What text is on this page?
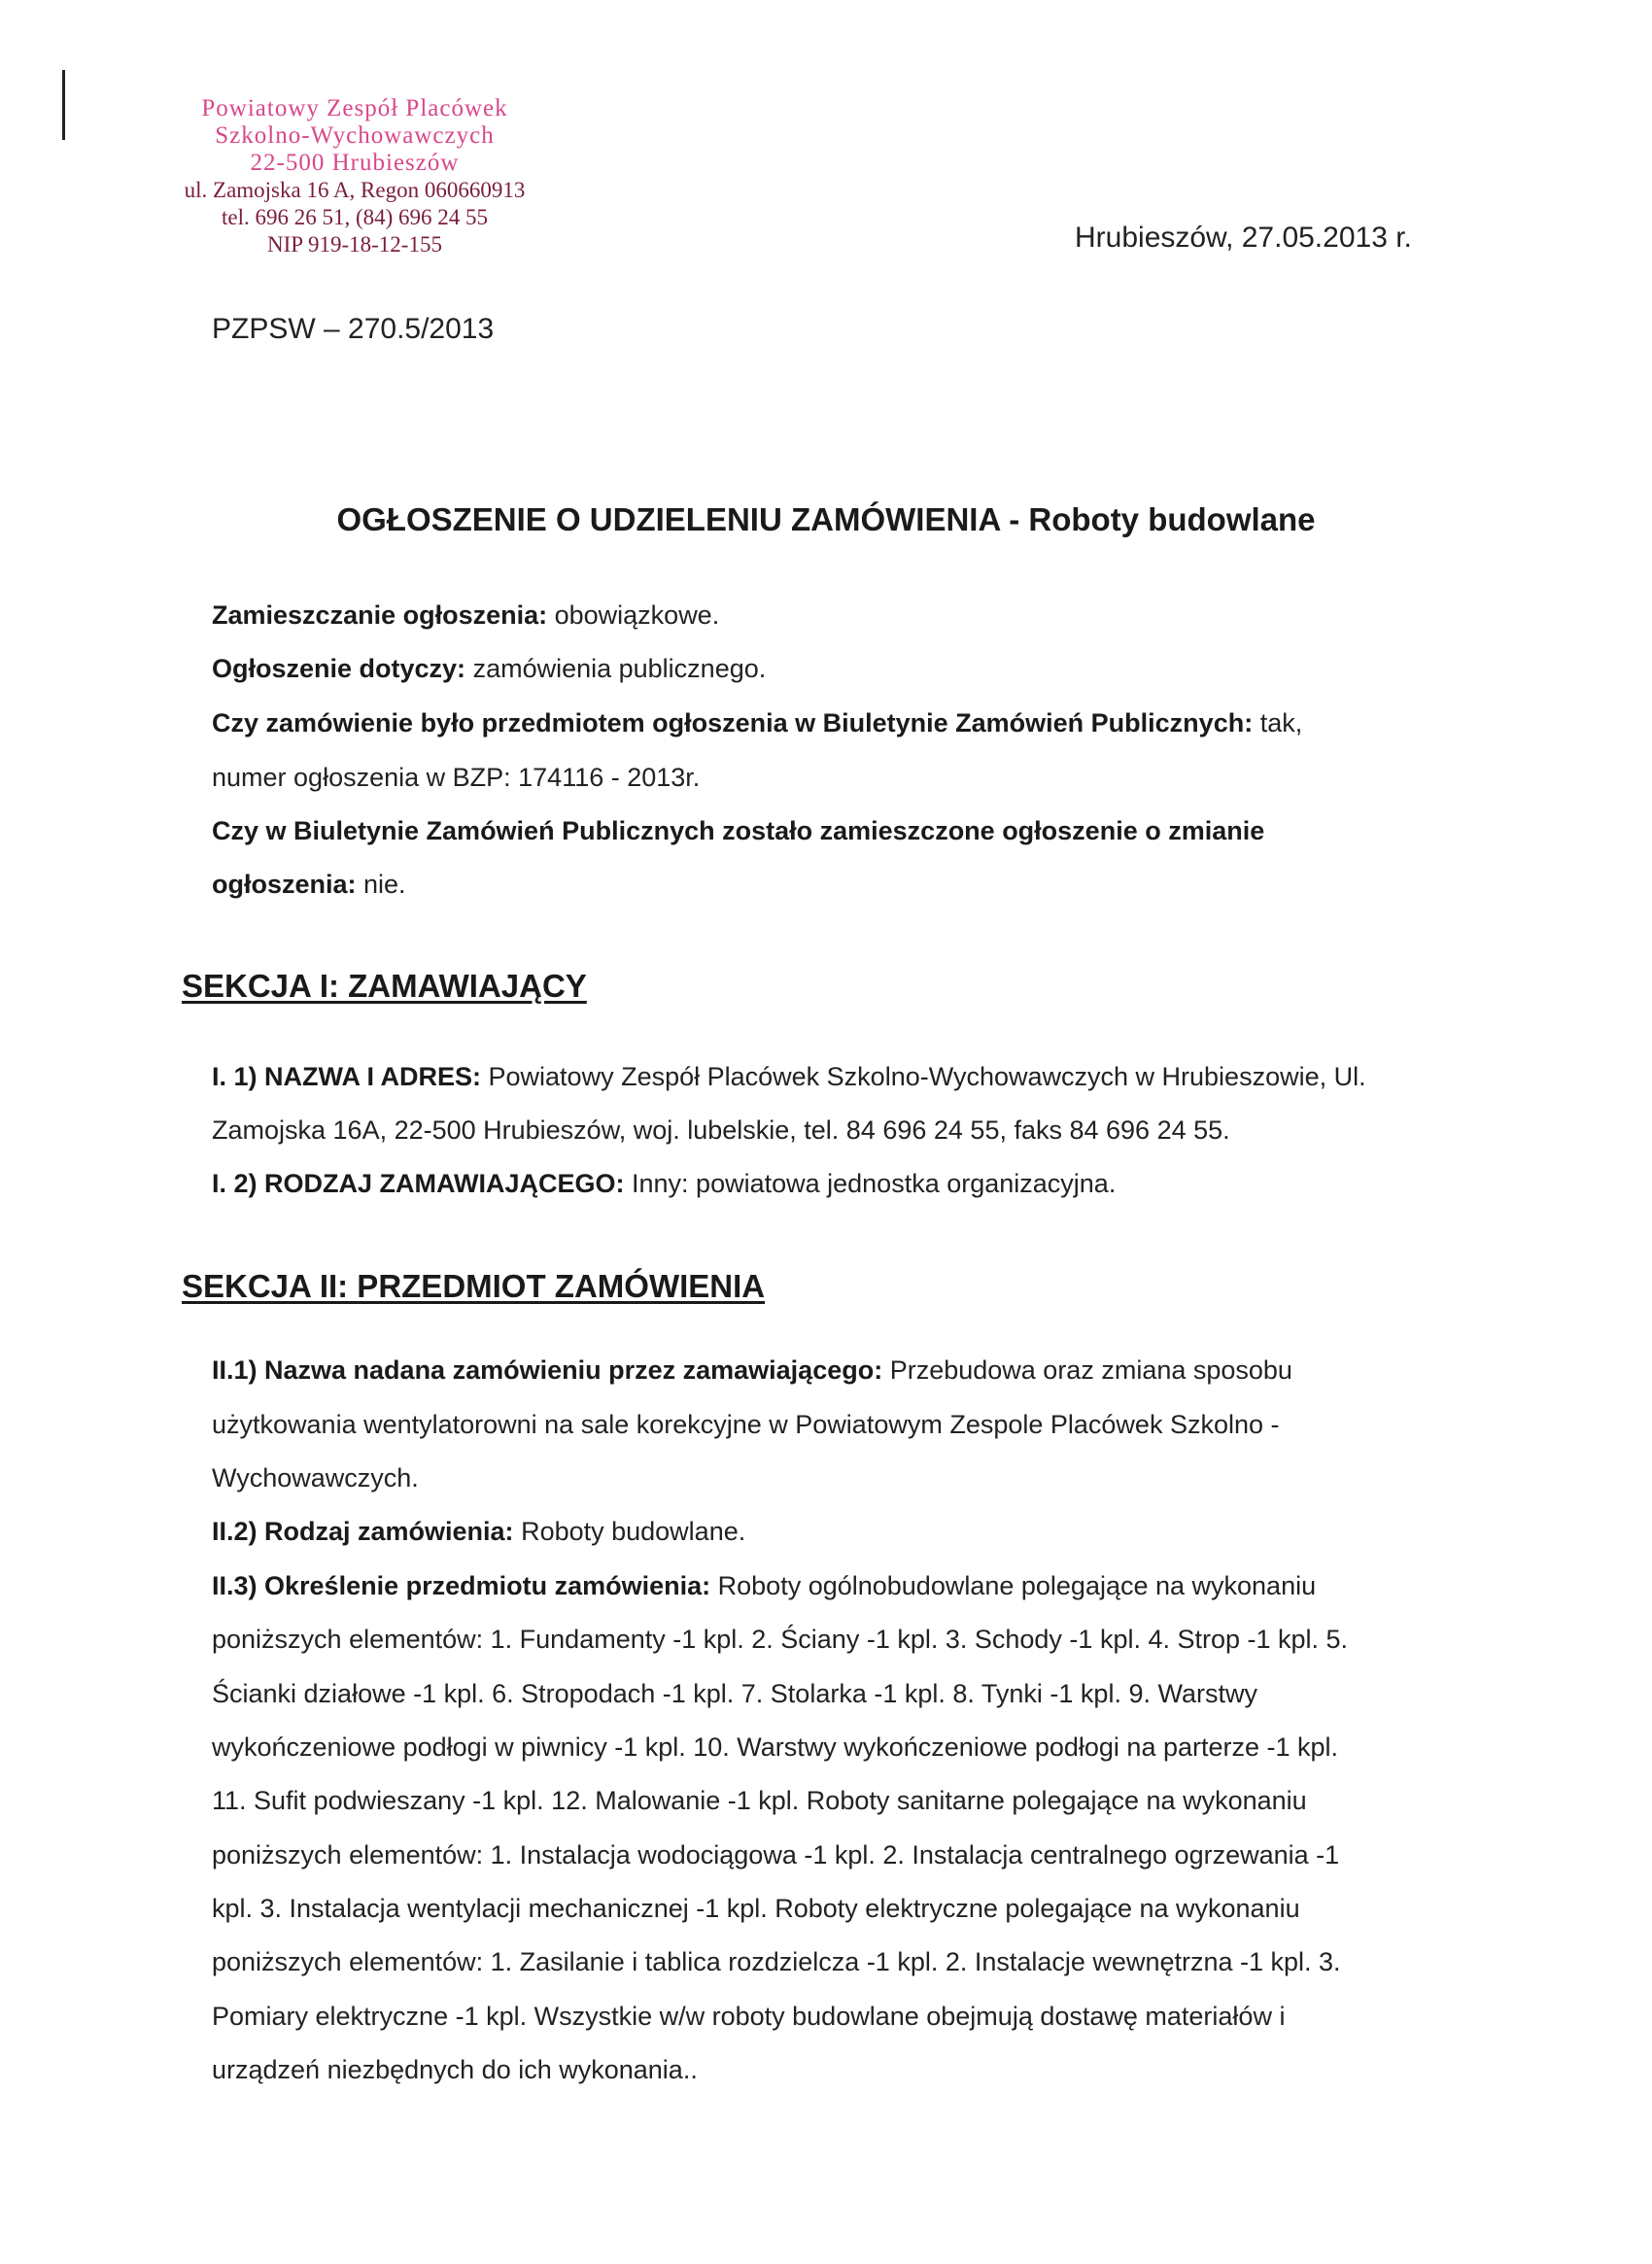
Powiatowy Zespół Placówek
Szkolno-Wychowawczych
22-500 Hrubieszów
ul. Zamojska 16 A, Regon 060660913
tel. 696 26 51, (84) 696 24 55
NIP 919-18-12-155	Hrubieszów, 27.05.2013 r.
PZPSW – 270.5/2013
OGŁOSZENIE O UDZIELENIU ZAMÓWIENIA - Roboty budowlane
Zamieszczanie ogłoszenia: obowiązkowe.
Ogłoszenie dotyczy: zamówienia publicznego.
Czy zamówienie było przedmiotem ogłoszenia w Biuletynie Zamówień Publicznych: tak,
numer ogłoszenia w BZP: 174116 - 2013r.
Czy w Biuletynie Zamówień Publicznych zostało zamieszczone ogłoszenie o zmianie
ogłoszenia: nie.
SEKCJA I: ZAMAWIAJĄCY
I. 1) NAZWA I ADRES: Powiatowy Zespół Placówek Szkolno-Wychowawczych w Hrubieszowie, Ul.
Zamojska 16A, 22-500 Hrubieszów, woj. lubelskie, tel. 84 696 24 55, faks 84 696 24 55.
I. 2) RODZAJ ZAMAWIAJĄCEGO: Inny: powiatowa jednostka organizacyjna.
SEKCJA II: PRZEDMIOT ZAMÓWIENIA
II.1) Nazwa nadana zamówieniu przez zamawiającego: Przebudowa oraz zmiana sposobu
użytkowania wentylatorowni na sale korekcyjne w Powiatowym Zespole Placówek Szkolno -
Wychowawczych.
II.2) Rodzaj zamówienia: Roboty budowlane.
II.3) Określenie przedmiotu zamówienia: Roboty ogólnobudowlane polegające na wykonaniu
poniższych elementów: 1. Fundamenty -1 kpl. 2. Ściany -1 kpl. 3. Schody -1 kpl. 4. Strop -1 kpl. 5.
Ścianki działowe -1 kpl. 6. Stropodach -1 kpl. 7. Stolarka -1 kpl. 8. Tynki -1 kpl. 9. Warstwy
wykończeniowe podłogi w piwnicy -1 kpl. 10. Warstwy wykończeniowe podłogi na parterze -1 kpl.
11. Sufit podwieszany -1 kpl. 12. Malowanie -1 kpl. Roboty sanitarne polegające na wykonaniu
poniższych elementów: 1. Instalacja wodociągowa -1 kpl. 2. Instalacja centralnego ogrzewania -1
kpl. 3. Instalacja wentylacji mechanicznej -1 kpl. Roboty elektryczne polegające na wykonaniu
poniższych elementów: 1. Zasilanie i tablica rozdzielcza -1 kpl. 2. Instalacje wewnętrzna -1 kpl. 3.
Pomiary elektryczne -1 kpl. Wszystkie w/w roboty budowlane obejmują dostawę materiałów i
urządzeń niezbędnych do ich wykonania..
